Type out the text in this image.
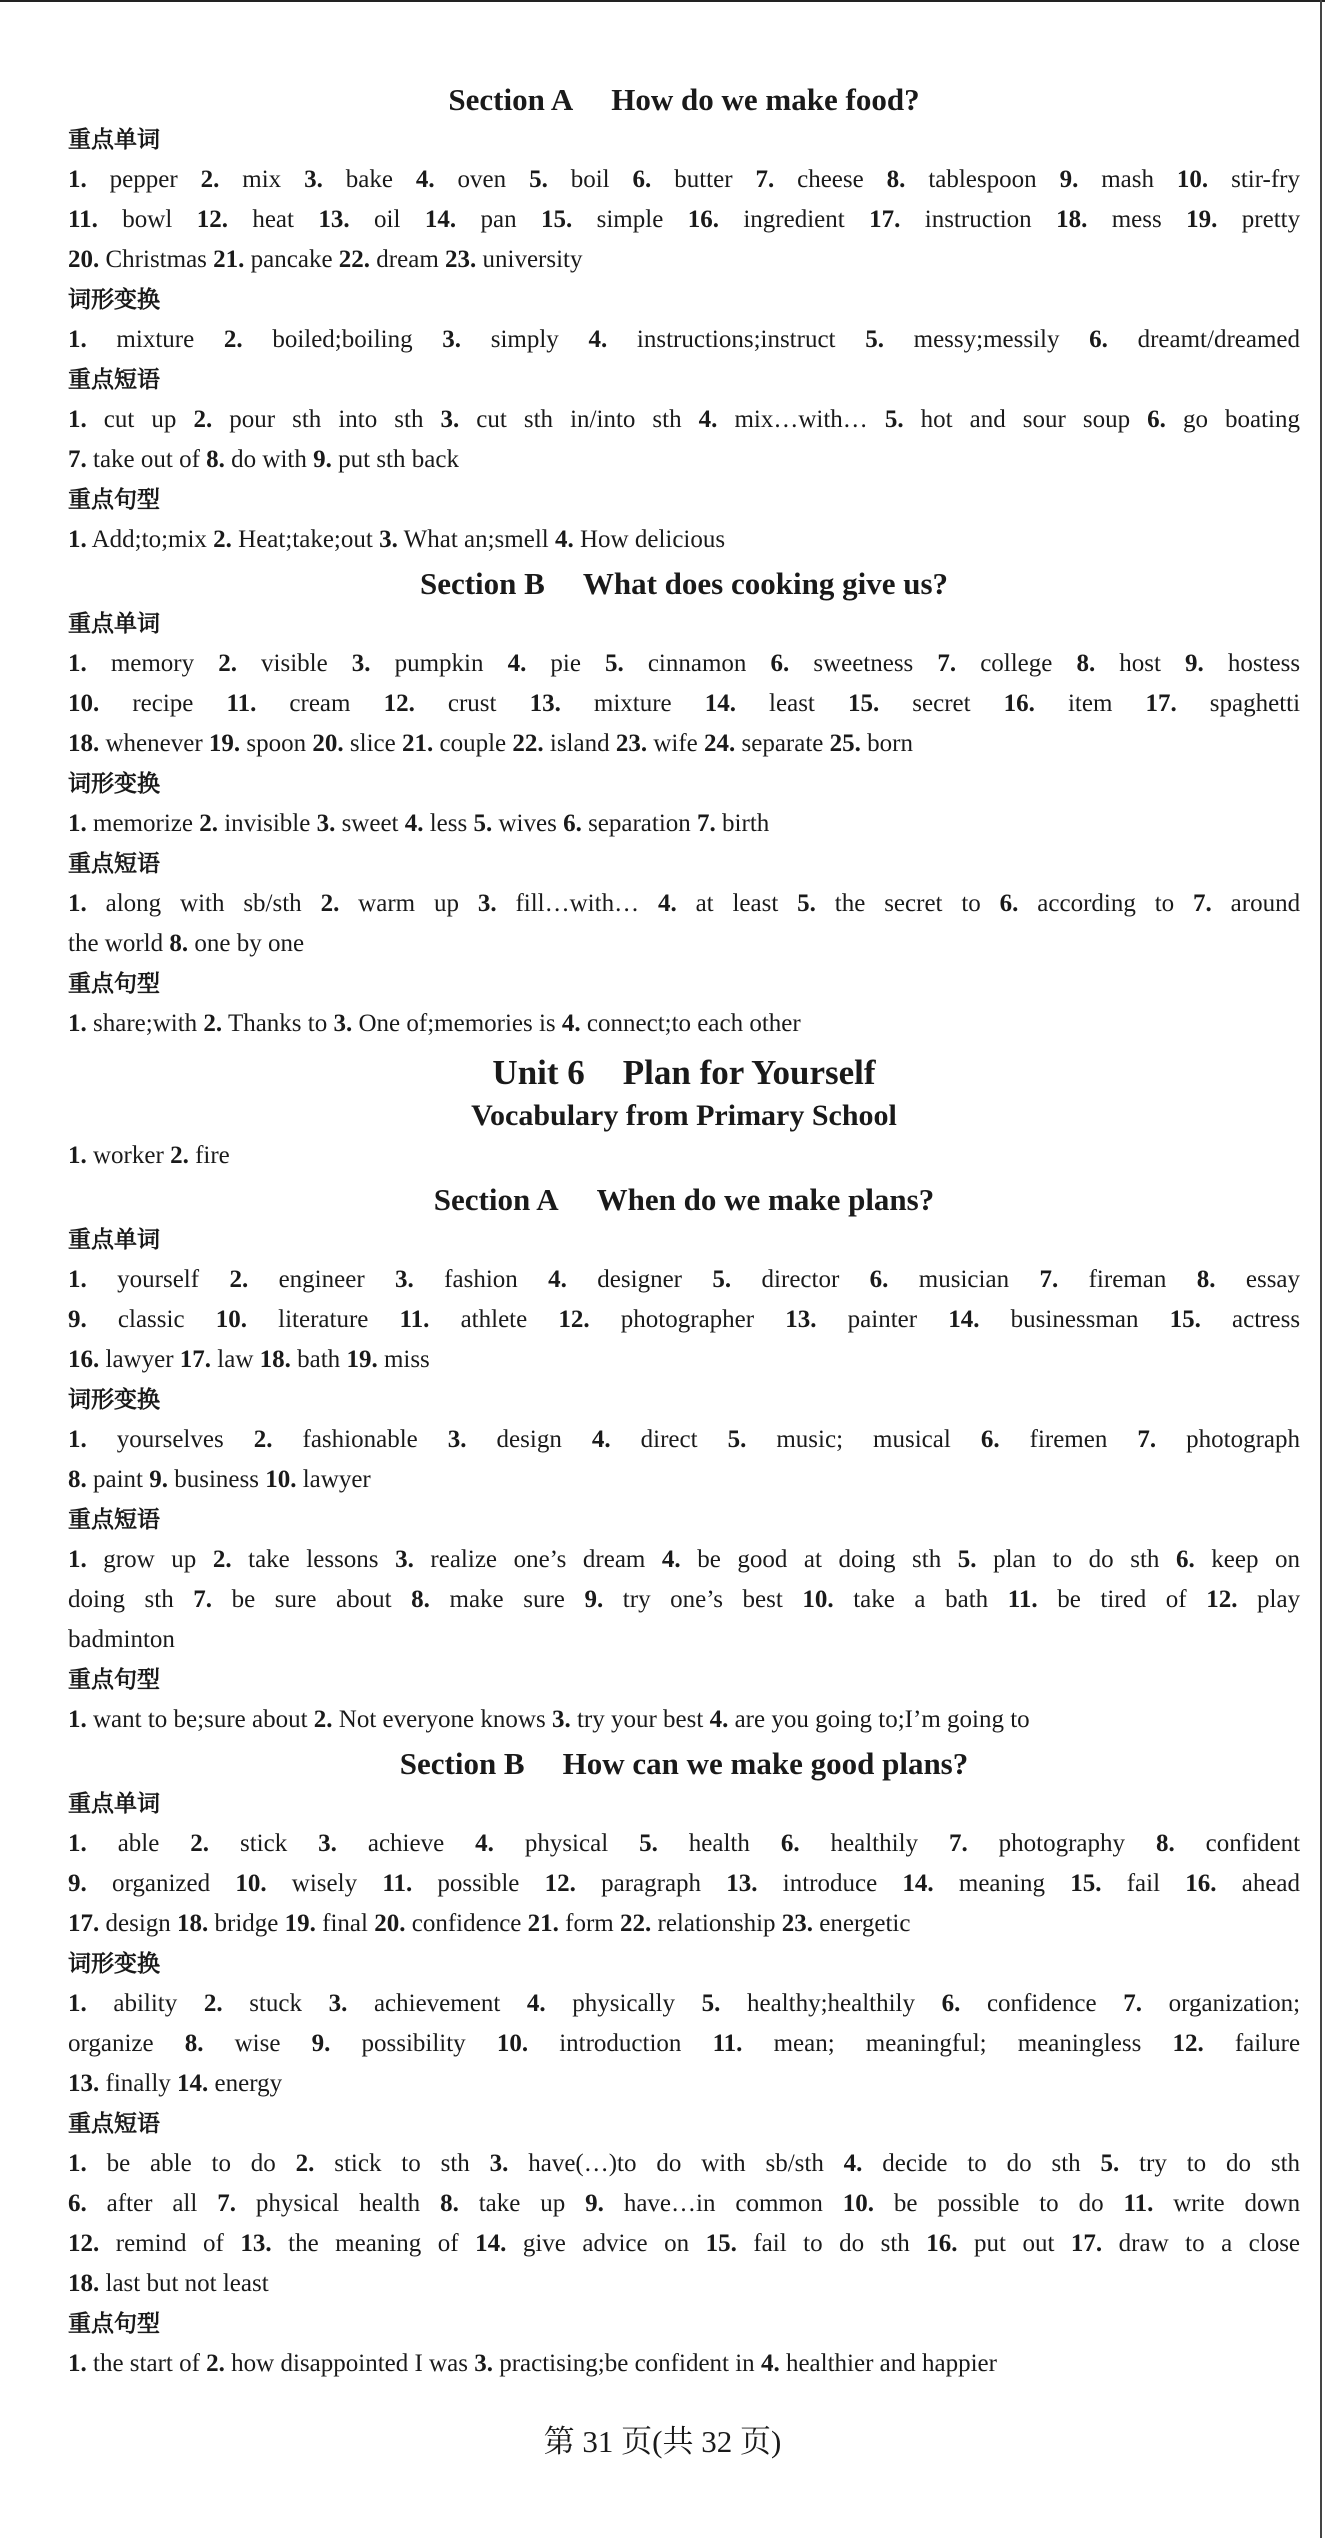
Section A How do we make food?
重点单词
1. pepper 2. mix 3. bake 4. oven 5. boil 6. butter 7. cheese 8. tablespoon 9. mash 10. stir-fry
11. bowl 12. heat 13. oil 14. pan 15. simple 16. ingredient 17. instruction 18. mess 19. pretty
20. Christmas 21. pancake 22. dream 23. university
词形变换
1. mixture 2. boiled;boiling 3. simply 4. instructions;instruct 5. messy;messily 6. dreamt/dreamed
重点短语
1. cut up 2. pour sth into sth 3. cut sth in/into sth 4. mix…with… 5. hot and sour soup 6. go boating
7. take out of 8. do with 9. put sth back
重点句型
1. Add;to;mix 2. Heat;take;out 3. What an;smell 4. How delicious
Section B What does cooking give us?
重点单词
1. memory 2. visible 3. pumpkin 4. pie 5. cinnamon 6. sweetness 7. college 8. host 9. hostess
10. recipe 11. cream 12. crust 13. mixture 14. least 15. secret 16. item 17. spaghetti
18. whenever 19. spoon 20. slice 21. couple 22. island 23. wife 24. separate 25. born
词形变换
1. memorize 2. invisible 3. sweet 4. less 5. wives 6. separation 7. birth
重点短语
1. along with sb/sth 2. warm up 3. fill…with… 4. at least 5. the secret to 6. according to 7. around
the world 8. one by one
重点句型
1. share;with 2. Thanks to 3. One of;memories is 4. connect;to each other
Unit 6 Plan for Yourself
Vocabulary from Primary School
1. worker 2. fire
Section A When do we make plans?
重点单词
1. yourself 2. engineer 3. fashion 4. designer 5. director 6. musician 7. fireman 8. essay
9. classic 10. literature 11. athlete 12. photographer 13. painter 14. businessman 15. actress
16. lawyer 17. law 18. bath 19. miss
词形变换
1. yourselves 2. fashionable 3. design 4. direct 5. music; musical 6. firemen 7. photograph
8. paint 9. business 10. lawyer
重点短语
1. grow up 2. take lessons 3. realize one’s dream 4. be good at doing sth 5. plan to do sth 6. keep on
doing sth 7. be sure about 8. make sure 9. try one’s best 10. take a bath 11. be tired of 12. play
badminton
重点句型
1. want to be;sure about 2. Not everyone knows 3. try your best 4. are you going to;I’m going to
Section B How can we make good plans?
重点单词
1. able 2. stick 3. achieve 4. physical 5. health 6. healthily 7. photography 8. confident
9. organized 10. wisely 11. possible 12. paragraph 13. introduce 14. meaning 15. fail 16. ahead
17. design 18. bridge 19. final 20. confidence 21. form 22. relationship 23. energetic
词形变换
1. ability 2. stuck 3. achievement 4. physically 5. healthy;healthily 6. confidence 7. organization;
organize 8. wise 9. possibility 10. introduction 11. mean; meaningful; meaningless 12. failure
13. finally 14. energy
重点短语
1. be able to do 2. stick to sth 3. have(…)to do with sb/sth 4. decide to do sth 5. try to do sth
6. after all 7. physical health 8. take up 9. have…in common 10. be possible to do 11. write down
12. remind of 13. the meaning of 14. give advice on 15. fail to do sth 16. put out 17. draw to a close
18. last but not least
重点句型
1. the start of 2. how disappointed I was 3. practising;be confident in 4. healthier and happier
第 31 页(共 32 页)
